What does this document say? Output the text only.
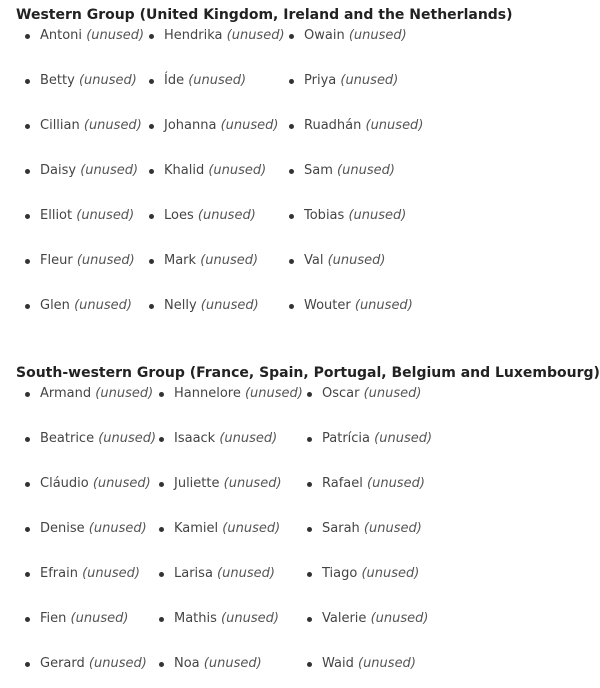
Western Group (United Kingdom, Ireland and the Netherlands)
Antoni (unused)
Betty (unused)
Cillian (unused)
Daisy (unused)
Elliot (unused)
Fleur (unused)
Glen (unused)
Hendrika (unused)
Íde (unused)
Johanna (unused)
Khalid (unused)
Loes (unused)
Mark (unused)
Nelly (unused)
Owain (unused)
Priya (unused)
Ruadhán (unused)
Sam (unused)
Tobias (unused)
Val (unused)
Wouter (unused)
South-western Group (France, Spain, Portugal, Belgium and Luxembourg)
Armand (unused)
Beatrice (unused)
Cláudio (unused)
Denise (unused)
Efrain (unused)
Fien (unused)
Gerard (unused)
Hannelore (unused)
Isaack (unused)
Juliette (unused)
Kamiel (unused)
Larisa (unused)
Mathis (unused)
Noa (unused)
Oscar (unused)
Patrícia (unused)
Rafael (unused)
Sarah (unused)
Tiago (unused)
Valerie (unused)
Waid (unused)
